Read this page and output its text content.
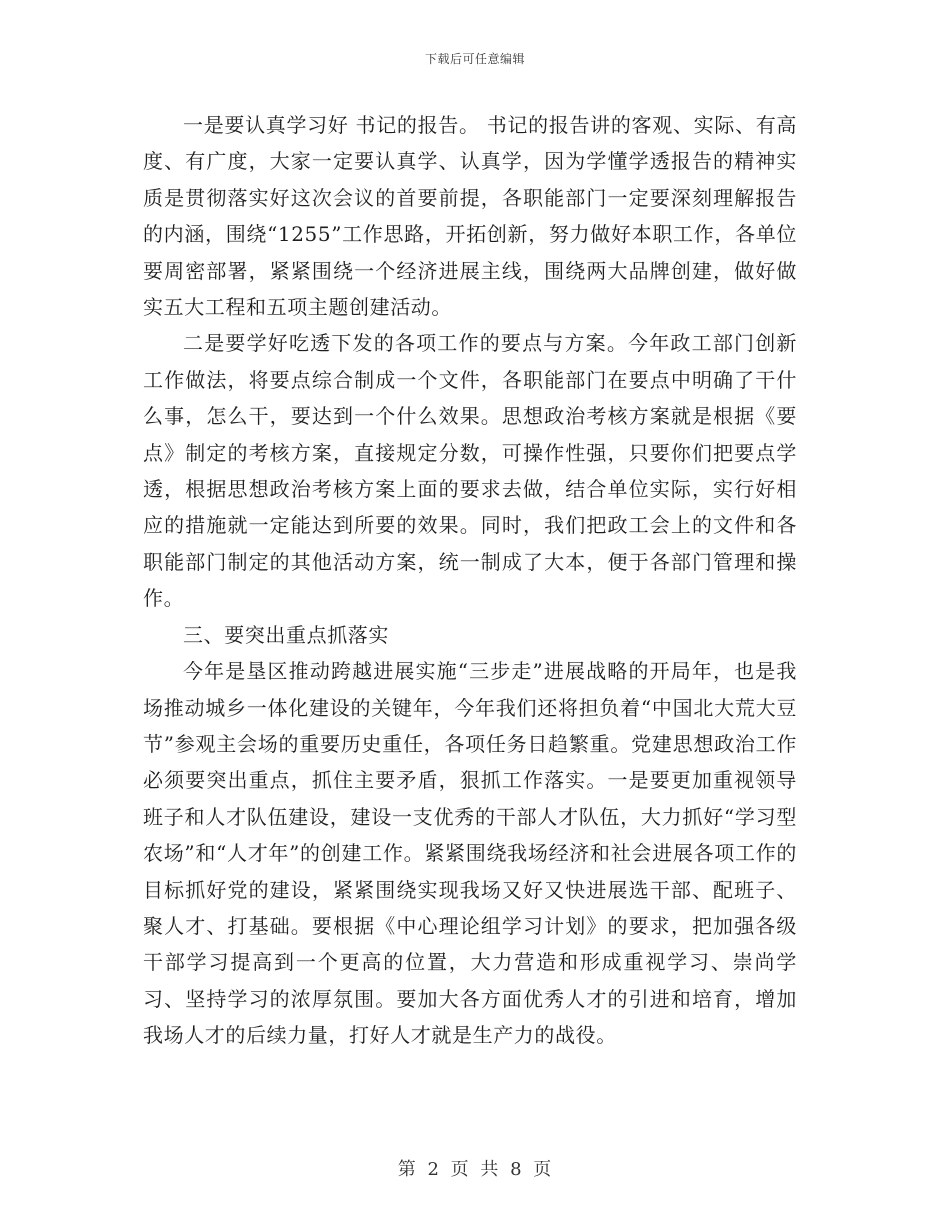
下载后可任意编辑

一是要认真学习好 书记的报告。 书记的报告讲的客观、实际、有高度、有广度，大家一定要认真学、认真学，因为学懂学透报告的精神实质是贯彻落实好这次会议的首要前提，各职能部门一定要深刻理解报告的内涵，围绕“1255”工作思路，开拓创新，努力做好本职工作，各单位要周密部署，紧紧围绕一个经济进展主线，围绕两大品牌创建，做好做实五大工程和五项主题创建活动。

二是要学好吃透下发的各项工作的要点与方案。今年政工部门创新工作做法，将要点综合制成一个文件，各职能部门在要点中明确了干什么事，怎么干，要达到一个什么效果。思想政治考核方案就是根据《要点》制定的考核方案，直接规定分数，可操作性强，只要你们把要点学透，根据思想政治考核方案上面的要求去做，结合单位实际，实行好相应的措施就一定能达到所要的效果。同时，我们把政工会上的文件和各职能部门制定的其他活动方案，统一制成了大本，便于各部门管理和操作。

三、要突出重点抓落实

今年是垦区推动跨越进展实施“三步走”进展战略的开局年，也是我场推动城乡一体化建设的关键年，今年我们还将担负着“中国北大荒大豆节”参观主会场的重要历史重任，各项任务日趋繁重。党建思想政治工作必须要突出重点，抓住主要矛盾，狠抓工作落实。一是要更加重视领导班子和人才队伍建设，建设一支优秀的干部人才队伍，大力抓好“学习型农场”和“人才年”的创建工作。紧紧围绕我场经济和社会进展各项工作的目标抓好党的建设，紧紧围绕实现我场又好又快进展选干部、配班子、聚人才、打基础。要根据《中心理论组学习计划》的要求，把加强各级干部学习提高到一个更高的位置，大力营造和形成重视学习、崇尚学习、坚持学习的浓厚氛围。要加大各方面优秀人才的引进和培育，增加我场人才的后续力量，打好人才就是生产力的战役。

第 2 页 共 8 页
